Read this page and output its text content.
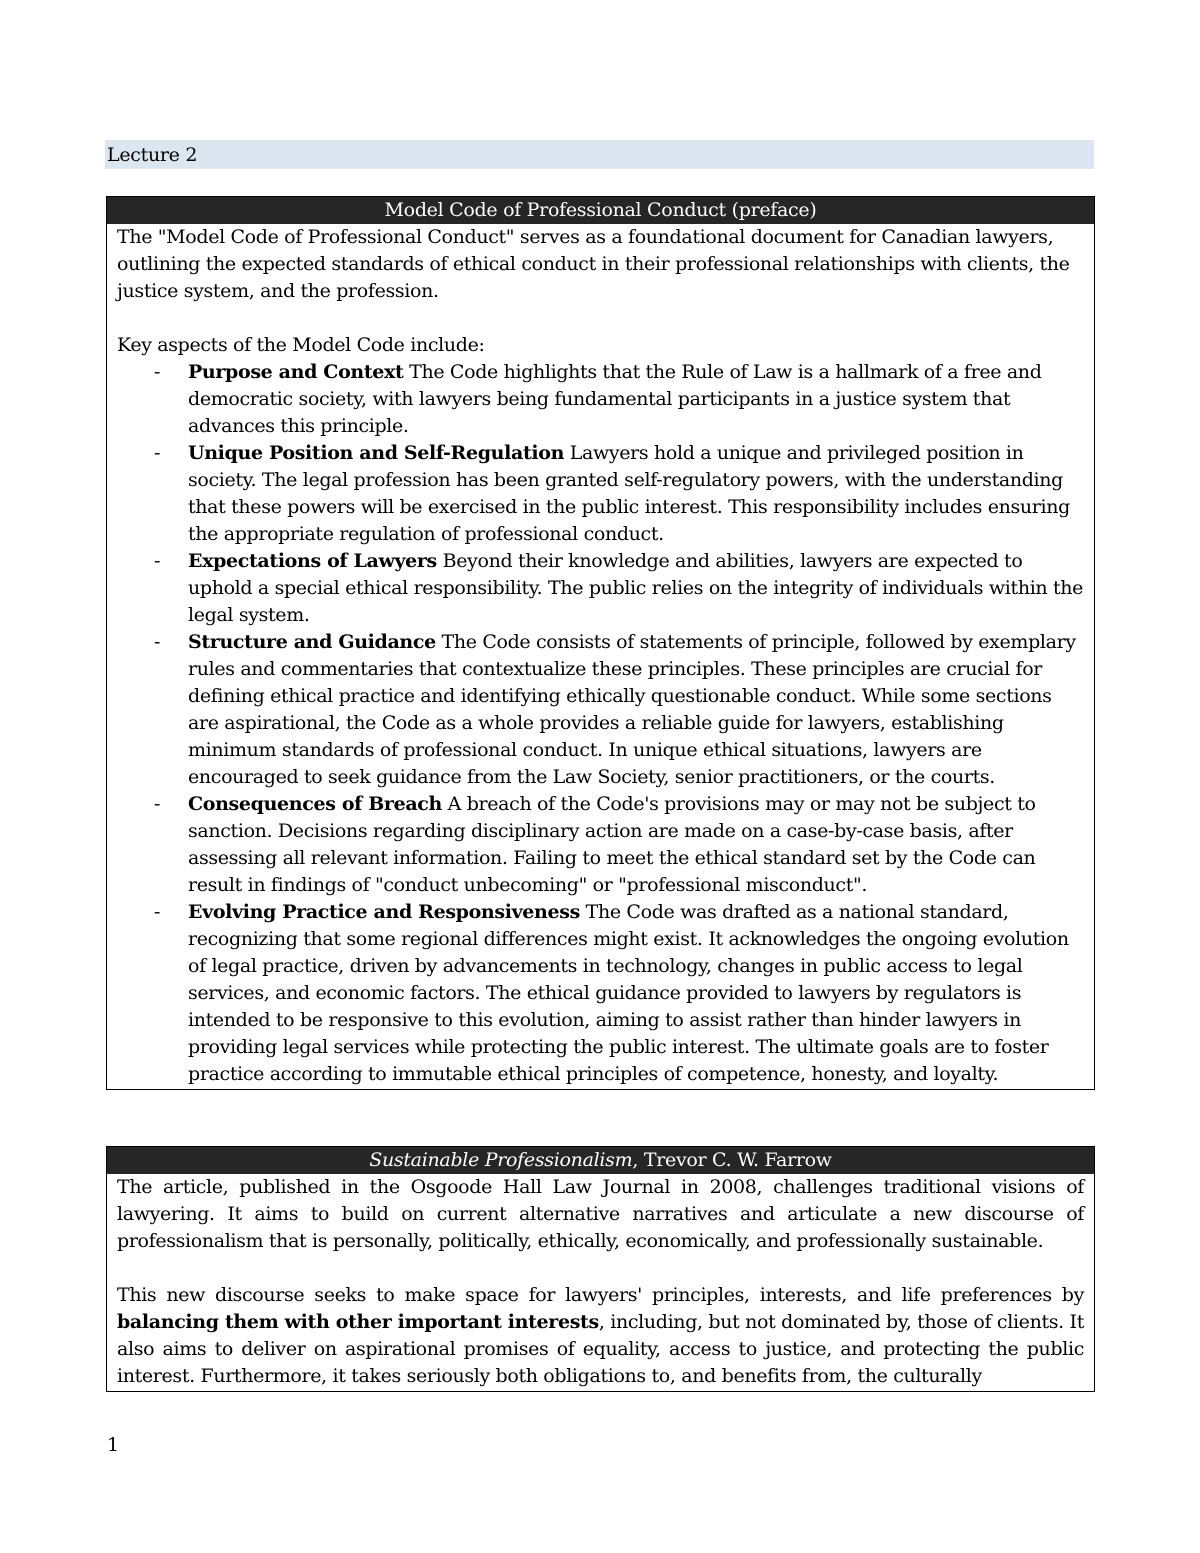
Lecture 2
Model Code of Professional Conduct (preface)

The "Model Code of Professional Conduct" serves as a foundational document for Canadian lawyers, outlining the expected standards of ethical conduct in their professional relationships with clients, the justice system, and the profession.

Key aspects of the Model Code include:

- Purpose and Context The Code highlights that the Rule of Law is a hallmark of a free and democratic society, with lawyers being fundamental participants in a justice system that advances this principle.
- Unique Position and Self-Regulation Lawyers hold a unique and privileged position in society. The legal profession has been granted self-regulatory powers, with the understanding that these powers will be exercised in the public interest. This responsibility includes ensuring the appropriate regulation of professional conduct.
- Expectations of Lawyers Beyond their knowledge and abilities, lawyers are expected to uphold a special ethical responsibility. The public relies on the integrity of individuals within the legal system.
- Structure and Guidance The Code consists of statements of principle, followed by exemplary rules and commentaries that contextualize these principles. These principles are crucial for defining ethical practice and identifying ethically questionable conduct. While some sections are aspirational, the Code as a whole provides a reliable guide for lawyers, establishing minimum standards of professional conduct. In unique ethical situations, lawyers are encouraged to seek guidance from the Law Society, senior practitioners, or the courts.
- Consequences of Breach A breach of the Code's provisions may or may not be subject to sanction. Decisions regarding disciplinary action are made on a case-by-case basis, after assessing all relevant information. Failing to meet the ethical standard set by the Code can result in findings of "conduct unbecoming" or "professional misconduct".
- Evolving Practice and Responsiveness The Code was drafted as a national standard, recognizing that some regional differences might exist. It acknowledges the ongoing evolution of legal practice, driven by advancements in technology, changes in public access to legal services, and economic factors. The ethical guidance provided to lawyers by regulators is intended to be responsive to this evolution, aiming to assist rather than hinder lawyers in providing legal services while protecting the public interest. The ultimate goals are to foster practice according to immutable ethical principles of competence, honesty, and loyalty.
Sustainable Professionalism, Trevor C. W. Farrow

The article, published in the Osgoode Hall Law Journal in 2008, challenges traditional visions of lawyering. It aims to build on current alternative narratives and articulate a new discourse of professionalism that is personally, politically, ethically, economically, and professionally sustainable.

This new discourse seeks to make space for lawyers' principles, interests, and life preferences by balancing them with other important interests, including, but not dominated by, those of clients. It also aims to deliver on aspirational promises of equality, access to justice, and protecting the public interest. Furthermore, it takes seriously both obligations to, and benefits from, the culturally

1
